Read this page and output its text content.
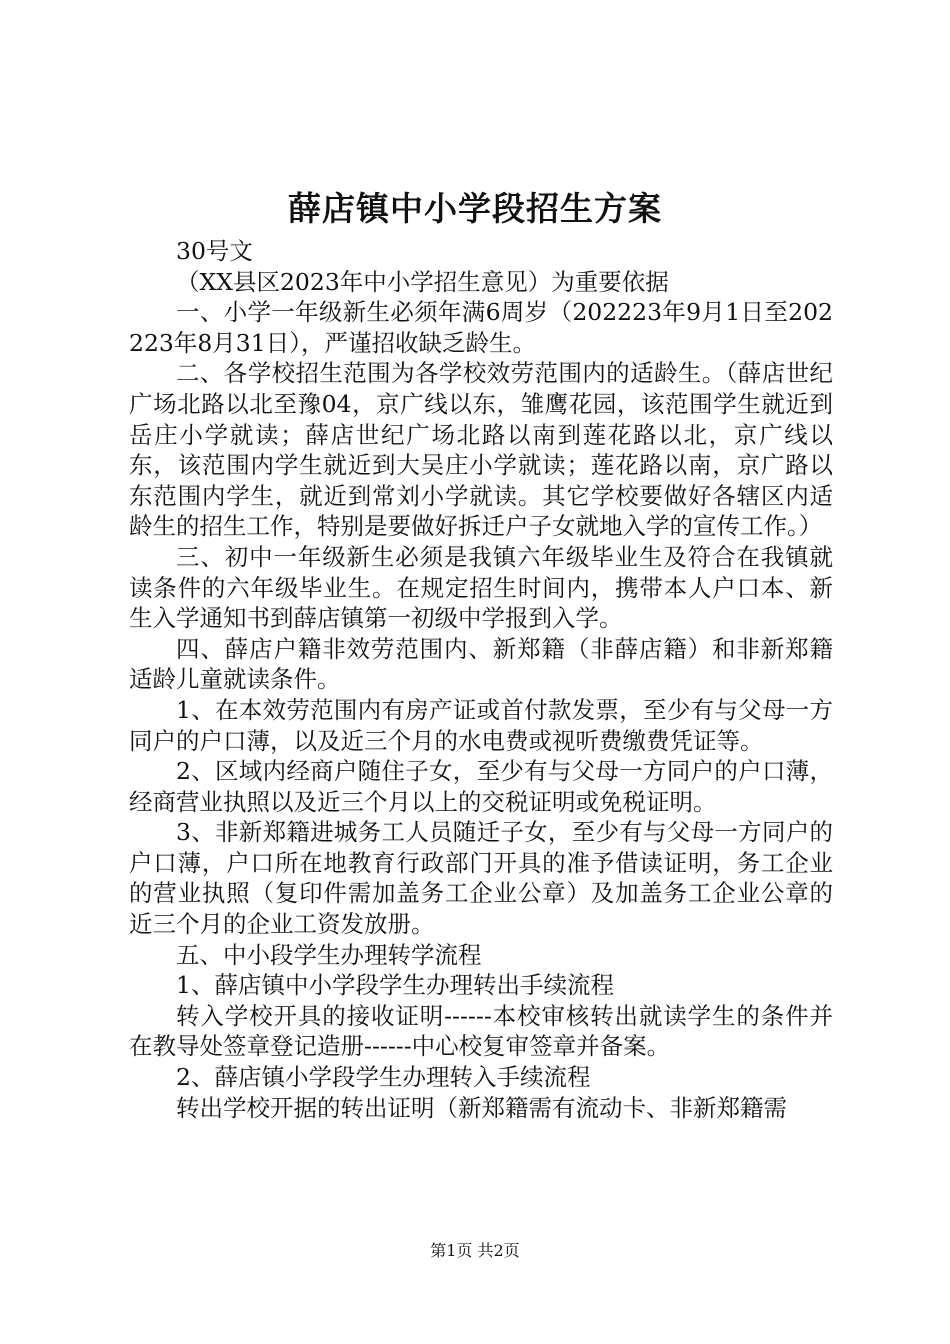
薛店镇中小学段招生方案

30号文

（XX县区2023年中小学招生意见）为重要依据

一、小学一年级新生必须年满6周岁（202223年9月1日至202223年8月31日），严谨招收缺乏龄生。

二、各学校招生范围为各学校效劳范围内的适龄生。（薛店世纪广场北路以北至豫04，京广线以东，雏鹰花园，该范围学生就近到岳庄小学就读；薛店世纪广场北路以南到莲花路以北，京广线以东，该范围内学生就近到大吴庄小学就读；莲花路以南，京广路以东范围内学生，就近到常刘小学就读。其它学校要做好各辖区内适龄生的招生工作，特别是要做好拆迁户子女就地入学的宣传工作。）

三、初中一年级新生必须是我镇六年级毕业生及符合在我镇就读条件的六年级毕业生。在规定招生时间内，携带本人户口本、新生入学通知书到薛店镇第一初级中学报到入学。

四、薛店户籍非效劳范围内、新郑籍（非薛店籍）和非新郑籍适龄儿童就读条件。

1、在本效劳范围内有房产证或首付款发票，至少有与父母一方同户的户口薄，以及近三个月的水电费或视听费缴费凭证等。

2、区域内经商户随住子女，至少有与父母一方同户的户口薄，经商营业执照以及近三个月以上的交税证明或免税证明。

3、非新郑籍进城务工人员随迁子女，至少有与父母一方同户的户口薄，户口所在地教育行政部门开具的准予借读证明，务工企业的营业执照（复印件需加盖务工企业公章）及加盖务工企业公章的近三个月的企业工资发放册。

五、中小段学生办理转学流程

1、薛店镇中小学段学生办理转出手续流程

转入学校开具的接收证明------本校审核转出就读学生的条件并在教导处签章登记造册------中心校复审签章并备案。

2、薛店镇小学段学生办理转入手续流程

转出学校开据的转出证明（新郑籍需有流动卡、非新郑籍需

第1页 共2页
